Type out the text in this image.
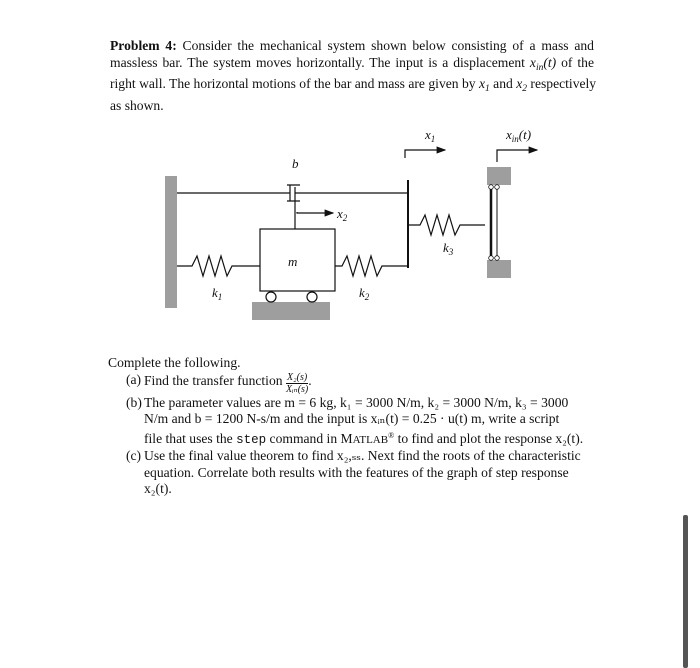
Problem 4: Consider the mechanical system shown below consisting of a mass and
massless bar. The system moves horizontally. The input is a displacement $x_{in}(t)$ of the
right wall. The horizontal motions of the bar and mass are given by $x_1$ and $x_2$ respectively
as shown.
$x_1$	$x_{in}(t)$
b
$x_2$
m
$k_1$	$k_2$
$k_3$
Complete the following.
(a) Find the transfer function $\frac{\text{X₂(s)}}{\text{Xᵢₙ(s)}}$ .
(b) The parameter values are m = 6 kg, k₁ = 3000 N/m, k₂ = 3000 N/m, k₃ = 3000
N/m and b = 1200 N-s/m and the input is xᵢₙ(t) = 0.25 · u(t) m, write a script
file that uses the step command in MATLAB® to find and plot the response x₂(t).
(c) Use the final value theorem to find x₂,ₛₛ. Next find the roots of the characteristic
equation. Correlate both results with the features of the graph of step response
x₂(t).
